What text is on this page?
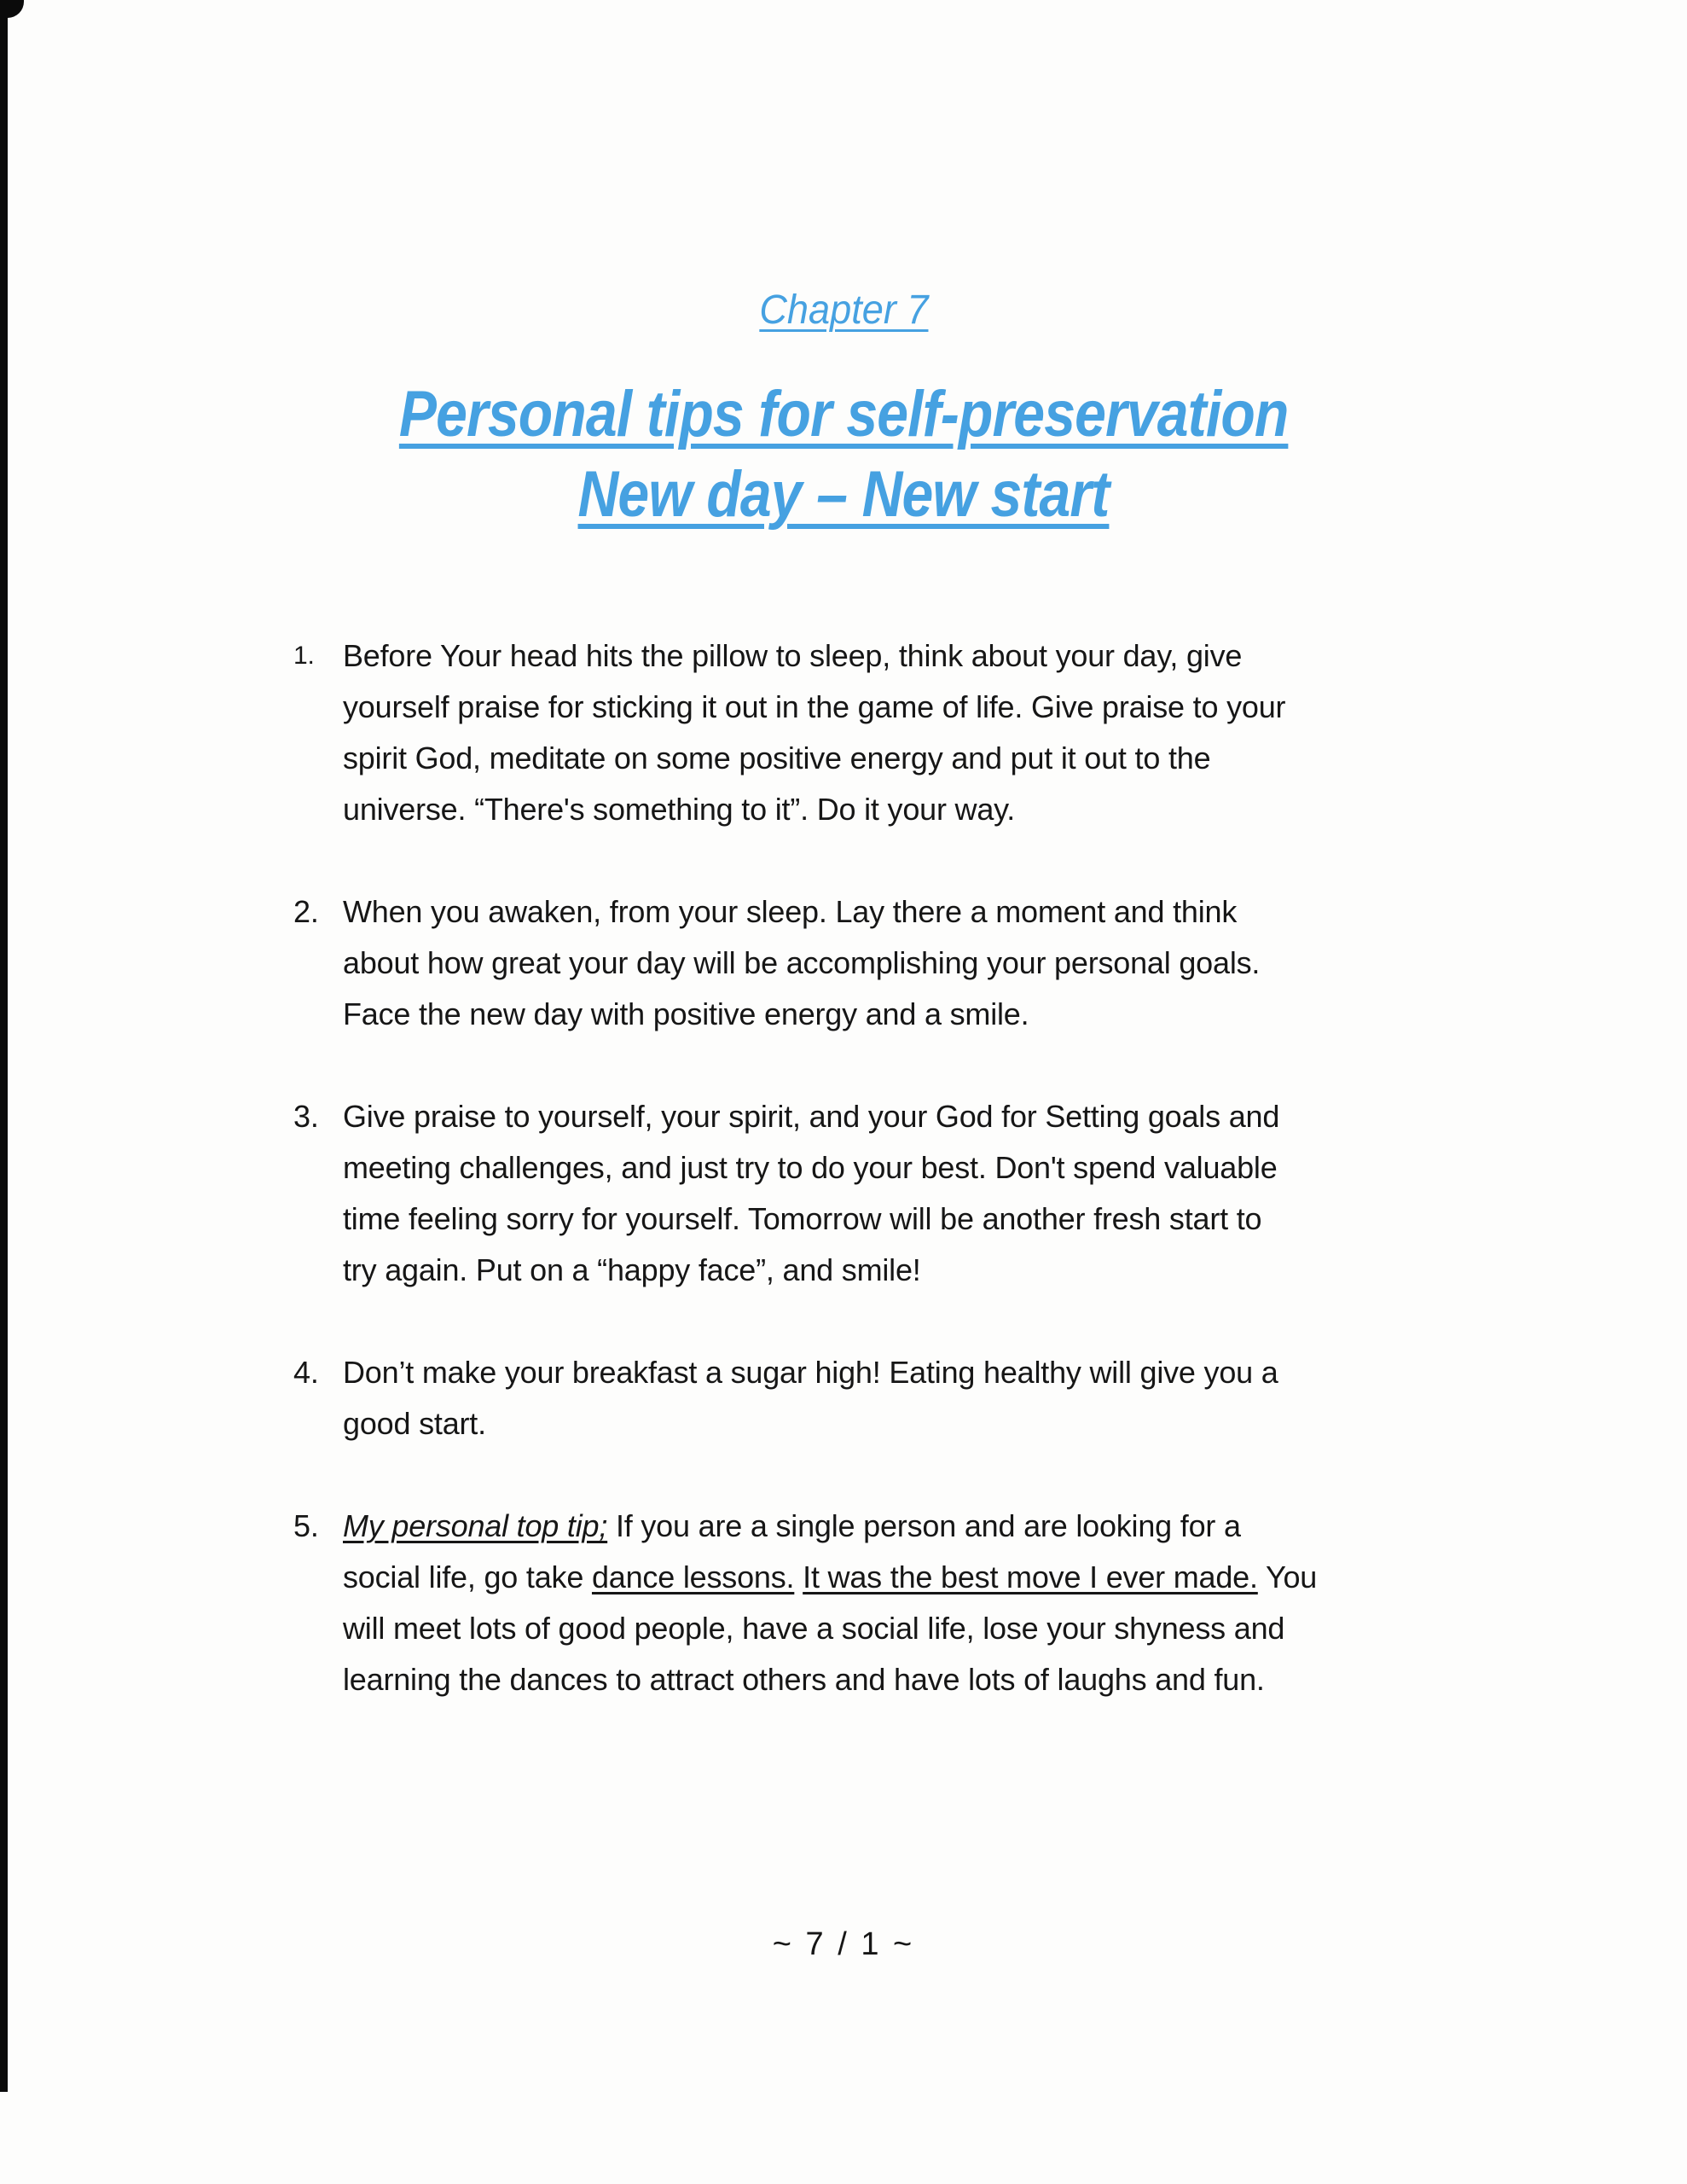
Chapter 7
Personal tips for self-preservation
New day – New start
1. Before Your head hits the pillow to sleep, think about your day, give
yourself praise for sticking it out in the game of life. Give praise to your
spirit God, meditate on some positive energy and put it out to the
universe. “There's something to it”. Do it your way.
2. When you awaken, from your sleep. Lay there a moment and think
about how great your day will be accomplishing your personal goals.
Face the new day with positive energy and a smile.
3. Give praise to yourself, your spirit, and your God for Setting goals and
meeting challenges, and just try to do your best. Don't spend valuable
time feeling sorry for yourself. Tomorrow will be another fresh start to
try again. Put on a “happy face”, and smile!
4. Don’t make your breakfast a sugar high! Eating healthy will give you a
good start.
5. My personal top tip; If you are a single person and are looking for a
social life, go take dance lessons. It was the best move I ever made. You
will meet lots of good people, have a social life, lose your shyness and
learning the dances to attract others and have lots of laughs and fun.
~ 7 / 1 ~
